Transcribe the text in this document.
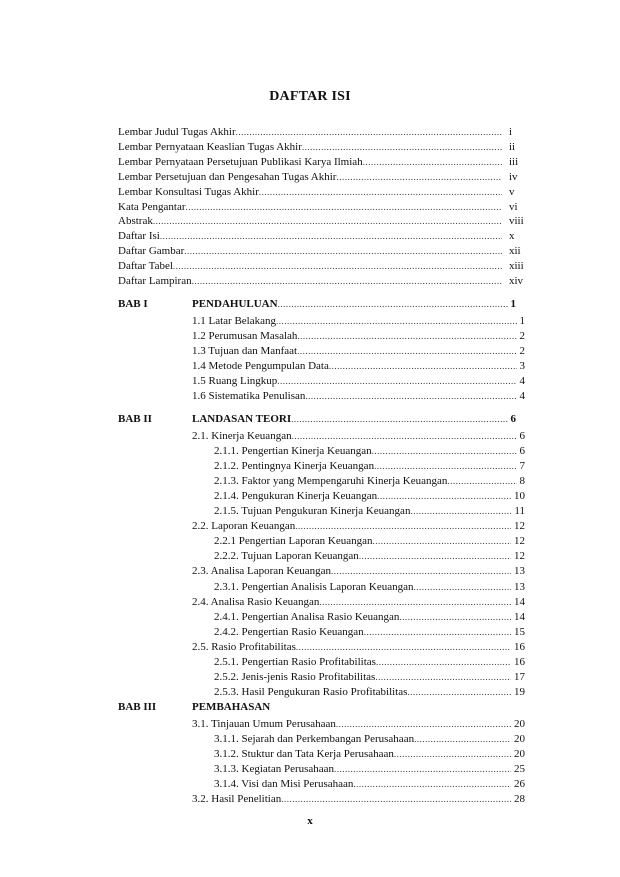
DAFTAR ISI
Lembar Judul Tugas Akhir .....	i
Lembar Pernyataan Keaslian Tugas Akhir .....	ii
Lembar Pernyataan Persetujuan Publikasi Karya Ilmiah .....	iii
Lembar Persetujuan dan Pengesahan Tugas Akhir .....	iv
Lembar Konsultasi Tugas Akhir .....	v
Kata Pengantar .....	vi
Abstrak .....	viii
Daftar Isi .....	x
Daftar Gambar .....	xii
Daftar Tabel .....	xiii
Daftar Lampiran .....	xiv
BAB I	PENDAHULUAN .....	1
1.1 Latar Belakang .....	1
1.2 Perumusan Masalah .....	2
1.3 Tujuan dan Manfaat .....	2
1.4 Metode Pengumpulan Data .....	3
1.5 Ruang Lingkup .....	4
1.6 Sistematika Penulisan .....	4
BAB II	LANDASAN TEORI .....	6
2.1. Kinerja Keuangan .....	6
2.1.1. Pengertian Kinerja Keuangan .....	6
2.1.2. Pentingnya Kinerja Keuangan .....	7
2.1.3. Faktor yang Mempengaruhi Kinerja Keuangan .....	8
2.1.4. Pengukuran Kinerja Keuangan .....	10
2.1.5. Tujuan Pengukuran Kinerja Keuangan .....	11
2.2. Laporan Keuangan .....	12
2.2.1 Pengertian Laporan Keuangan .....	12
2.2.2. Tujuan Laporan Keuangan .....	12
2.3. Analisa Laporan Keuangan .....	13
2.3.1. Pengertian Analisis Laporan Keuangan .....	13
2.4. Analisa Rasio Keuangan .....	14
2.4.1. Pengertian Analisa Rasio Keuangan .....	14
2.4.2. Pengertian Rasio Keuangan .....	15
2.5. Rasio Profitabilitas .....	16
2.5.1. Pengertian Rasio Profitabilitas .....	16
2.5.2. Jenis-jenis Rasio Profitabilitas .....	17
2.5.3. Hasil Pengukuran Rasio Profitabilitas .....	19
BAB III	PEMBAHASAN
3.1. Tinjauan Umum Perusahaan .....	20
3.1.1. Sejarah dan Perkembangan Perusahaan .....	20
3.1.2. Stuktur dan Tata Kerja Perusahaan .....	20
3.1.3. Kegiatan Perusahaan .....	25
3.1.4. Visi dan Misi Perusahaan .....	26
3.2. Hasil Penelitian .....	28
x
